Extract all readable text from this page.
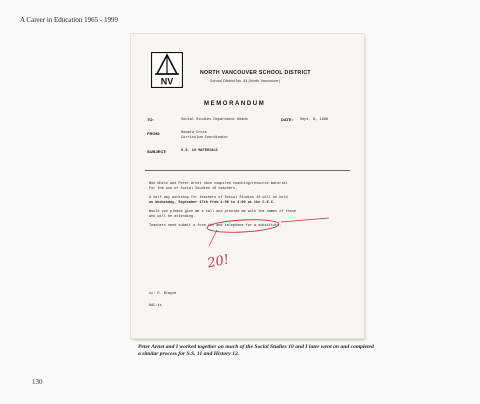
A Career in Education 1965 - 1999
NV
NORTH VANCOUVER SCHOOL DISTRICT
School District No. 44 (North Vancouver)
MEMORANDUM
TO:	Social Studies Department Heads	DATE: Sept. 8, 1988
FROM:	Howard Cross
Curriculum Coordinator
SUBJECT:	S.S. 10 MATERIALS
Bob White and Peter Arnet have compiled teaching/resource material
for the use of Social Studies 10 teachers.
A half-day workshop for teachers of Social Studies 10 will be held
on Wednesday, September 17th from 1:00 to 4:00 at the C.E.C.
Would you please give me a call and provide me with the names of those
who will be attending.
Teachers need submit a form 4th and telephone for a substitute.
20!
cc: D. Brayne
HAC:ts
Peter Arnet and I worked together on much of the Social Studies 10 and I later went on and completed a similar process for S.S. 11 and History 12.
130
